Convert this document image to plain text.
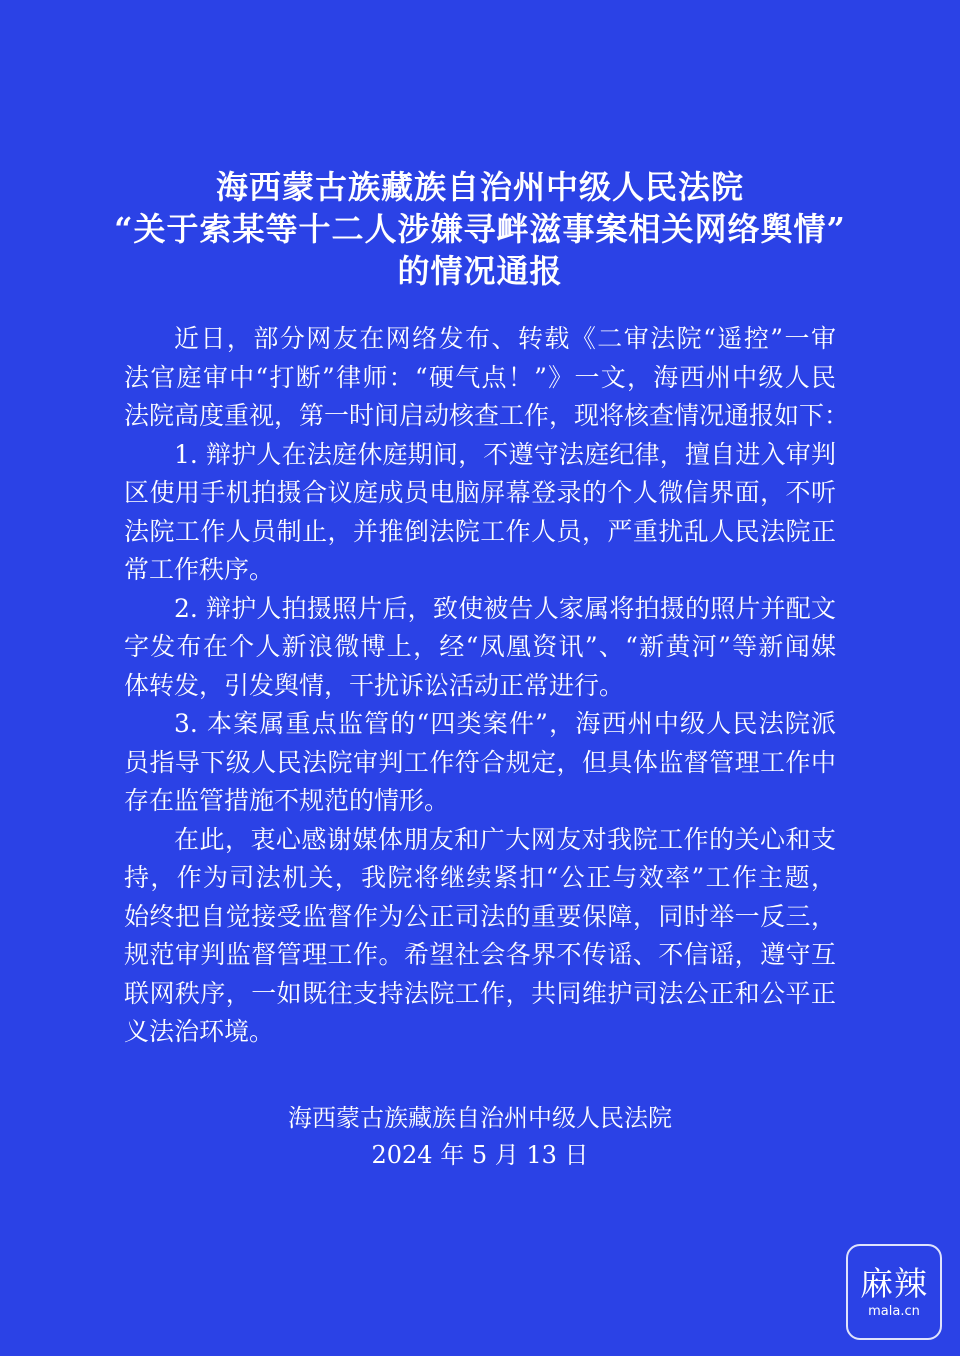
海西蒙古族藏族自治州中级人民法院
“关于索某等十二人涉嫌寻衅滋事案相关网络舆情”
的情况通报
近日，部分网友在网络发布、转载《二审法院“遥控”一审
法官庭审中“打断”律师：“硬气点！”》一文，海西州中级人民
法院高度重视，第一时间启动核查工作，现将核查情况通报如下：
1. 辩护人在法庭休庭期间，不遵守法庭纪律，擅自进入审判
区使用手机拍摄合议庭成员电脑屏幕登录的个人微信界面，不听
法院工作人员制止，并推倒法院工作人员，严重扰乱人民法院正
常工作秩序。
2. 辩护人拍摄照片后，致使被告人家属将拍摄的照片并配文
字发布在个人新浪微博上，经“凤凰资讯”、“新黄河”等新闻媒
体转发，引发舆情，干扰诉讼活动正常进行。
3. 本案属重点监管的“四类案件”，海西州中级人民法院派
员指导下级人民法院审判工作符合规定，但具体监督管理工作中
存在监管措施不规范的情形。
在此，衷心感谢媒体朋友和广大网友对我院工作的关心和支
持，作为司法机关，我院将继续紧扣“公正与效率”工作主题，
始终把自觉接受监督作为公正司法的重要保障，同时举一反三，
规范审判监督管理工作。希望社会各界不传谣、不信谣，遵守互
联网秩序，一如既往支持法院工作，共同维护司法公正和公平正
义法治环境。
海西蒙古族藏族自治州中级人民法院
2024 年 5 月 13 日
麻辣
mala.cn
